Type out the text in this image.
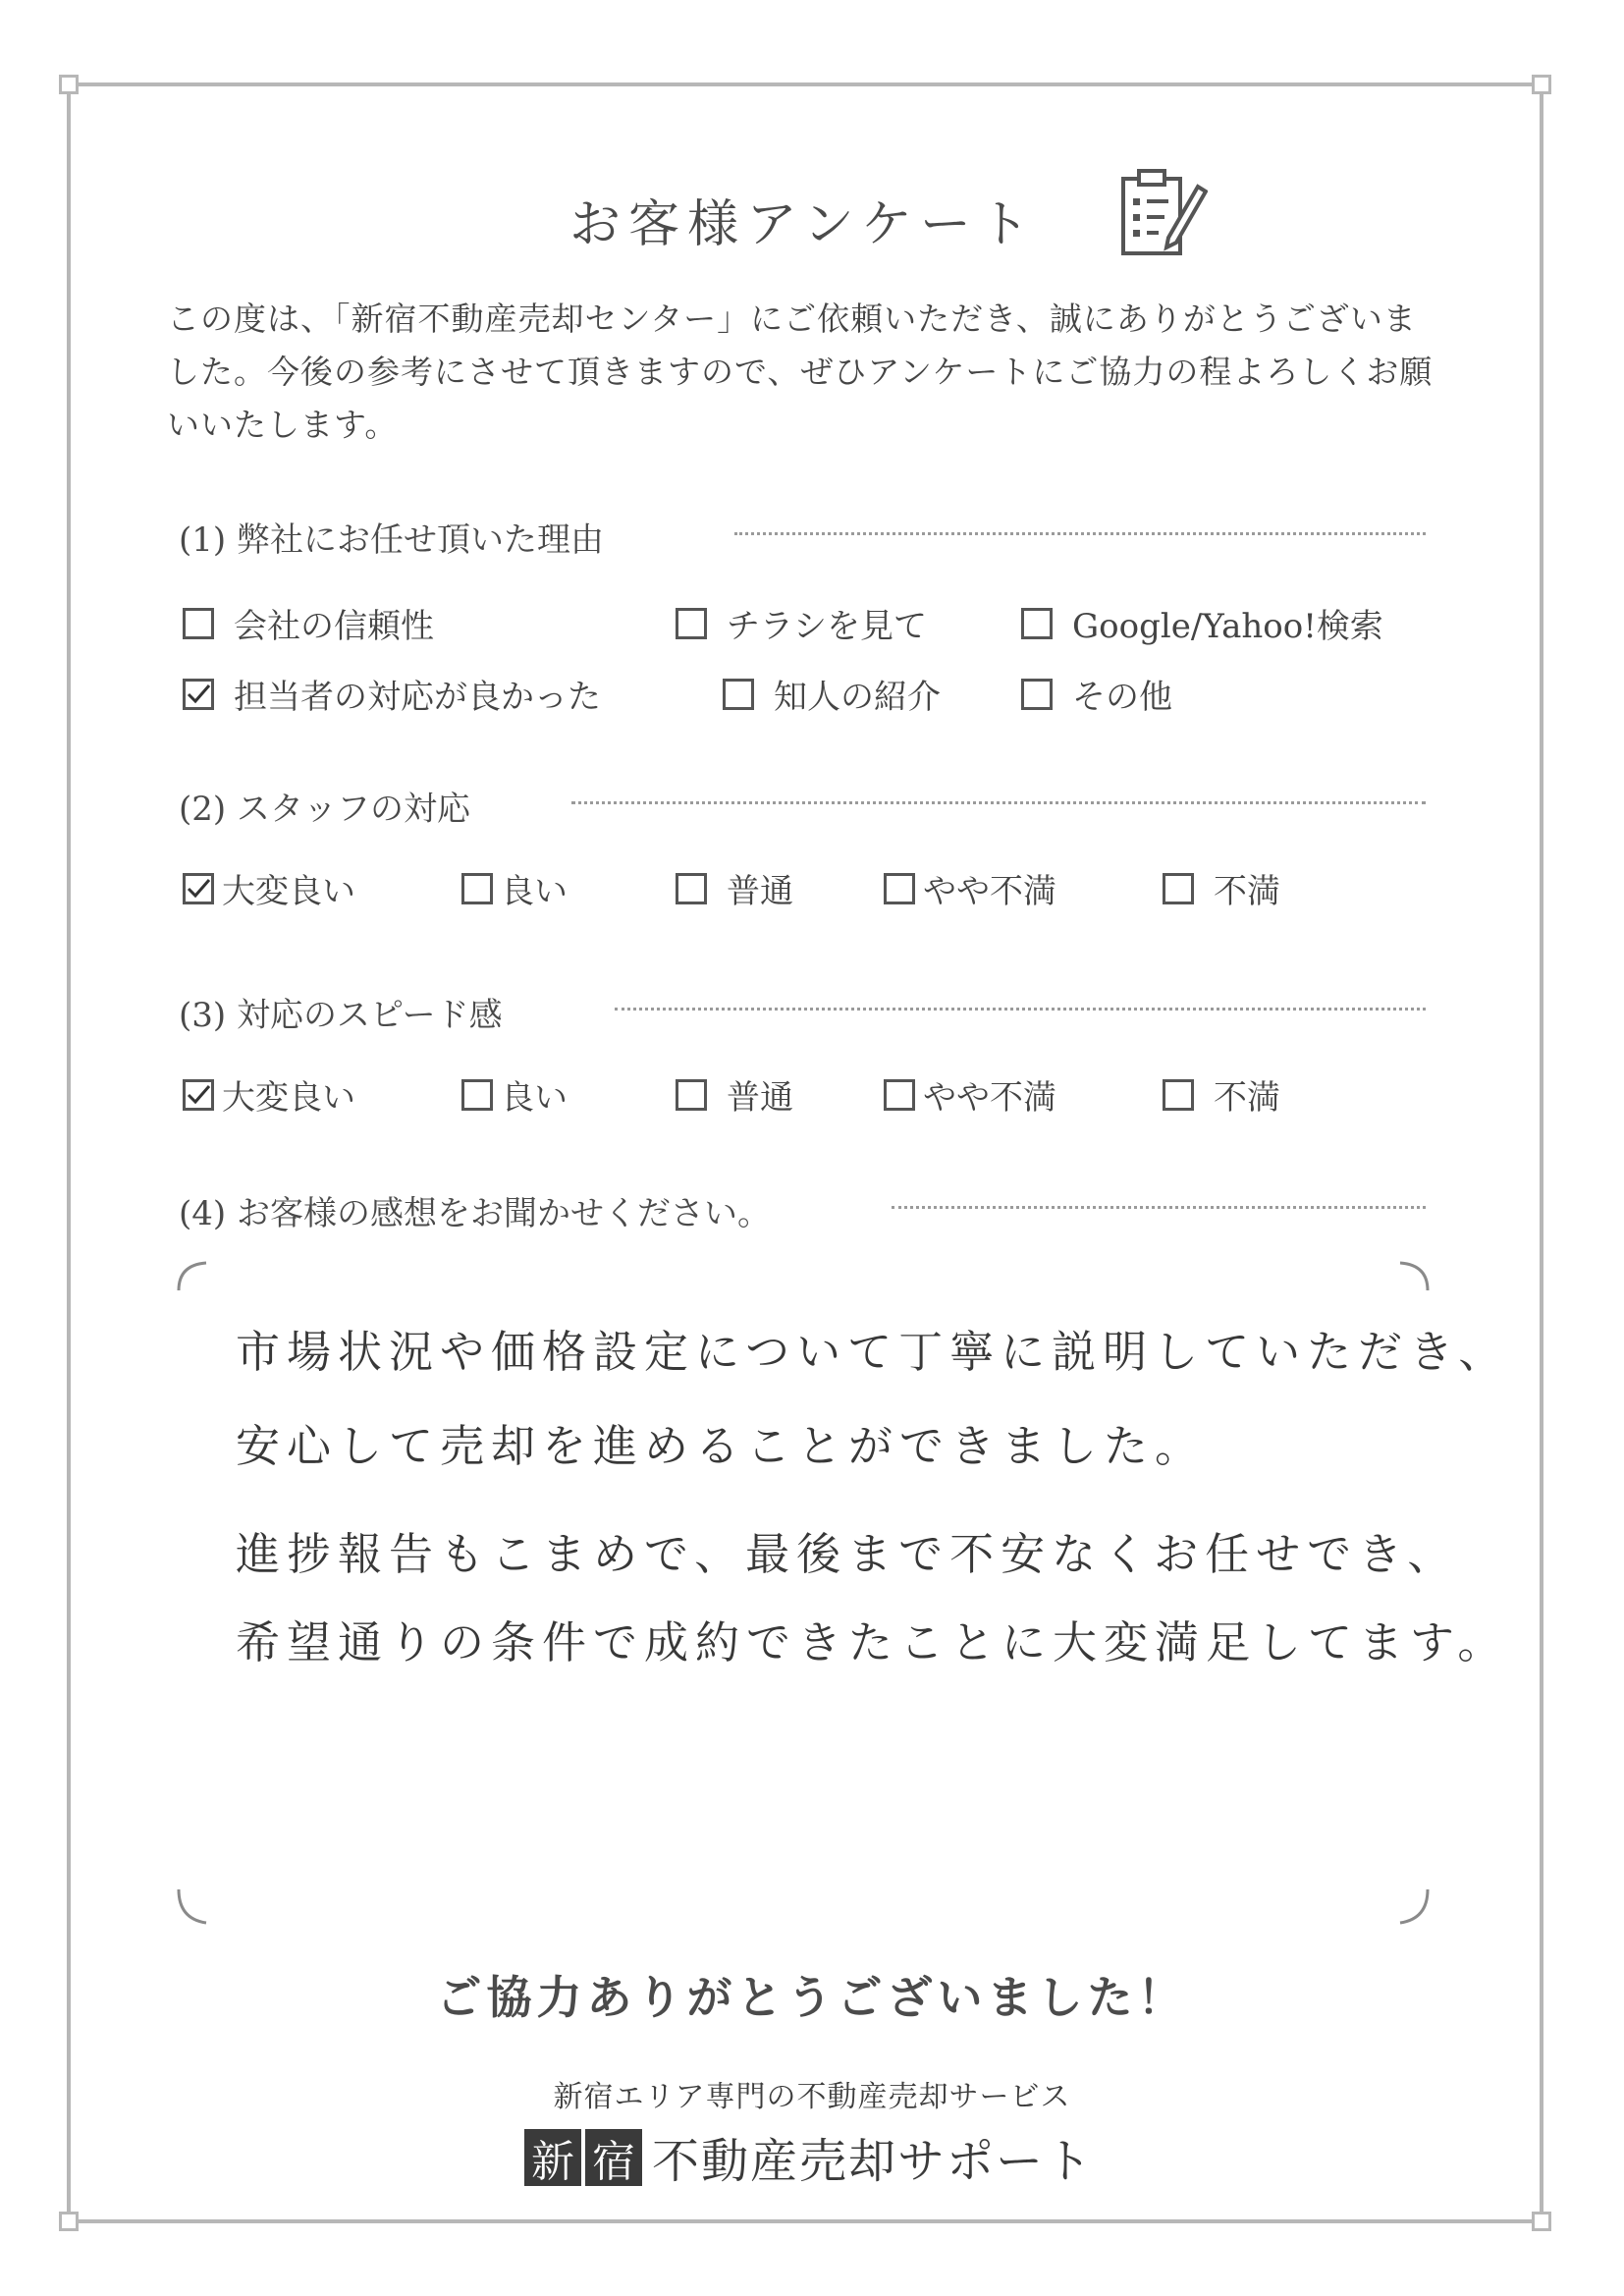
お客様アンケート

この度は、「新宿不動産売却センター」にご依頼いただき、誠にありがとうございました。今後の参考にさせて頂きますので、ぜひアンケートにご協力の程よろしくお願いいたします。

(1) 弊社にお任せ頂いた理由
会社の信頼性	チラシを見て	Google/Yahoo!検索
担当者の対応が良かった	知人の紹介	その他
(2) スタッフの対応
大変良い	良い	普通	やや不満	不満
(3) 対応のスピード感
大変良い	良い	普通	やや不満	不満
(4) お客様の感想をお聞かせください。
市場状況や価格設定について丁寧に説明していただき、
安心して売却を進めることができました。
進捗報告もこまめで、最後まで不安なくお任せでき、
希望通りの条件で成約できたことに大変満足してます。
ご協力ありがとうございました！
新宿エリア専門の不動産売却サービス
新 宿 不動産売却サポート
